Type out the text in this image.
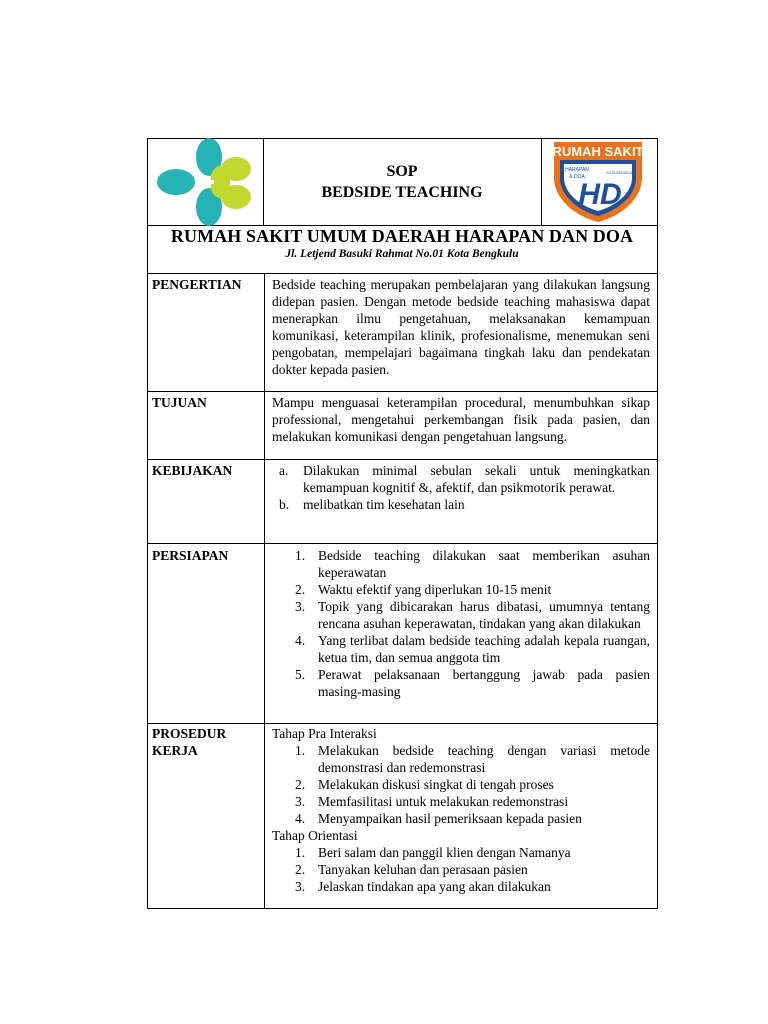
SOP
BEDSIDE TEACHING
RUMAH SAKIT
HARAPAN
& DOA
KOTA BENGKULU
HD
RUMAH SAKIT UMUM DAERAH HARAPAN DAN DOA
Jl. Letjend Basuki Rahmat No.01 Kota Bengkulu
PENGERTIAN	Bedside teaching merupakan pembelajaran yang dilakukan langsung didepan pasien. Dengan metode bedside teaching mahasiswa dapat menerapkan ilmu pengetahuan, melaksanakan kemampuan komunikasi, keterampilan klinik, profesionalisme, menemukan seni pengobatan, mempelajari bagaimana tingkah laku dan pendekatan dokter kepada pasien.

TUJUAN	Mampu menguasai keterampilan procedural, menumbuhkan sikap professional, mengetahui perkembangan fisik pada pasien, dan melakukan komunikasi dengan pengetahuan langsung.

KEBIJAKAN	a. Dilakukan minimal sebulan sekali untuk meningkatkan kemampuan kognitif &, afektif, dan psikmotorik perawat.
b. melibatkan tim kesehatan lain
PERSIAPAN	1. Bedside teaching dilakukan saat memberikan asuhan keperawatan
2. Waktu efektif yang diperlukan 10-15 menit
3. Topik yang dibicarakan harus dibatasi, umumnya tentang rencana asuhan keperawatan, tindakan yang akan dilakukan
4. Yang terlibat dalam bedside teaching adalah kepala ruangan, ketua tim, dan semua anggota tim
5. Perawat pelaksanaan bertanggung jawab pada pasien masing-masing
PROSEDUR
KERJA

Tahap Pra Interaksi

1. Melakukan bedside teaching dengan variasi metode demonstrasi dan redemonstrasi
2. Melakukan diskusi singkat di tengah proses
3. Memfasilitasi untuk melakukan redemonstrasi
4. Menyampaikan hasil pemeriksaan kepada pasien

Tahap Orientasi

1. Beri salam dan panggil klien dengan Namanya
2. Tanyakan keluhan dan perasaan pasien
3. Jelaskan tindakan apa yang akan dilakukan
